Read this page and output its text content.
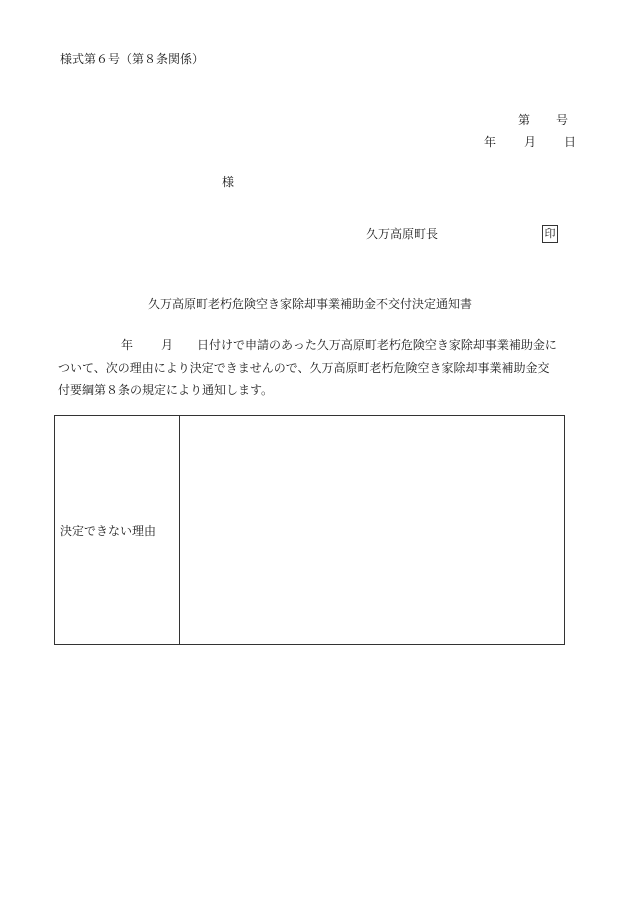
様式第６号（第８条関係）
第 号
年 月 日
様
久万高原町長	印
久万高原町老朽危険空き家除却事業補助金不交付決定通知書
年 月 日付けで申請のあった久万高原町老朽危険空き家除却事業補助金に
ついて、次の理由により決定できませんので、久万高原町老朽危険空き家除却事業補助金交
付要綱第８条の規定により通知します。
決定できない理由	
